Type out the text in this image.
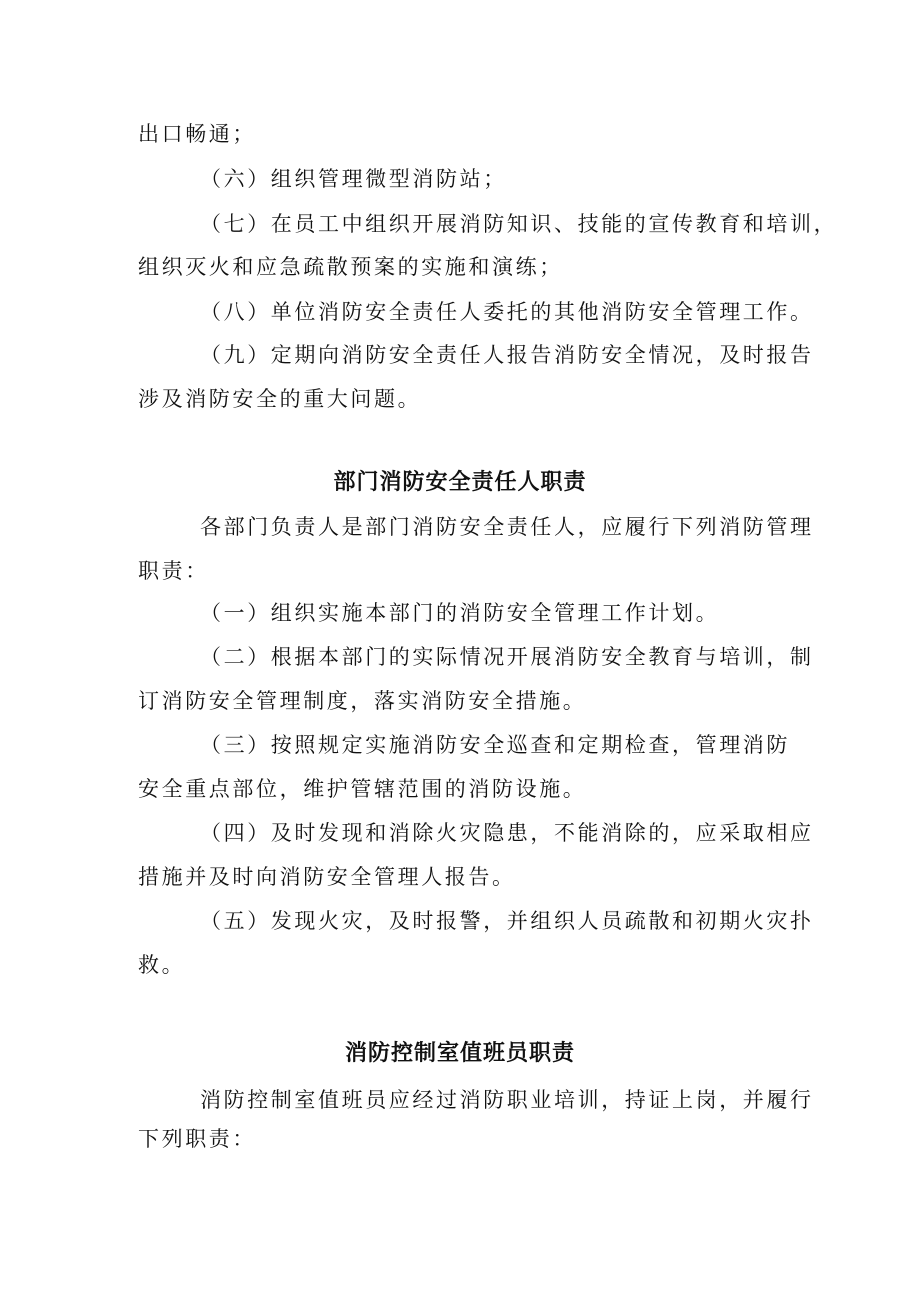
出口畅通；
（六）组织管理微型消防站；
（七）在员工中组织开展消防知识、技能的宣传教育和培训，
组织灭火和应急疏散预案的实施和演练；
（八）单位消防安全责任人委托的其他消防安全管理工作。
（九）定期向消防安全责任人报告消防安全情况，及时报告
涉及消防安全的重大问题。
部门消防安全责任人职责
各部门负责人是部门消防安全责任人，应履行下列消防管理
职责：
（一）组织实施本部门的消防安全管理工作计划。
（二）根据本部门的实际情况开展消防安全教育与培训，制
订消防安全管理制度，落实消防安全措施。
（三）按照规定实施消防安全巡查和定期检查，管理消防
安全重点部位，维护管辖范围的消防设施。
（四）及时发现和消除火灾隐患，不能消除的，应采取相应
措施并及时向消防安全管理人报告。
（五）发现火灾，及时报警，并组织人员疏散和初期火灾扑
救。
消防控制室值班员职责
消防控制室值班员应经过消防职业培训，持证上岗，并履行
下列职责：
